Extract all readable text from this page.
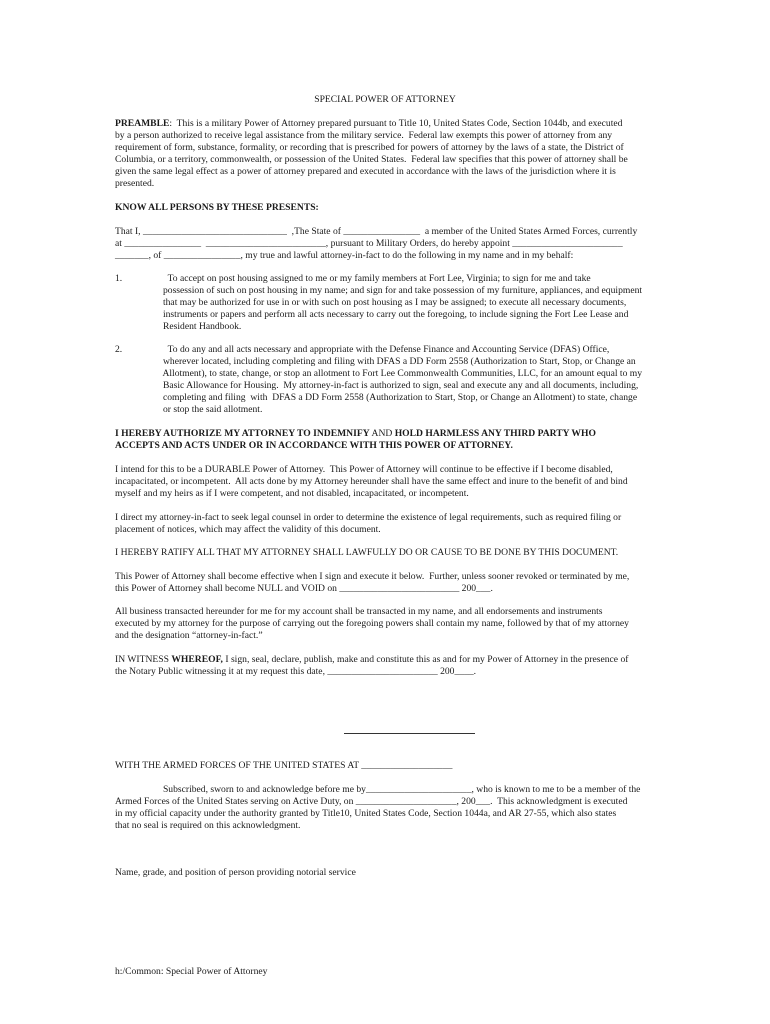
SPECIAL POWER OF ATTORNEY

PREAMBLE:  This is a military Power of Attorney prepared pursuant to Title 10, United States Code, Section 1044b, and executed

by a person authorized to receive legal assistance from the military service.  Federal law exempts this power of attorney from any

requirement of form, substance, formality, or recording that is prescribed for powers of attorney by the laws of a state, the District of

Columbia, or a territory, commonwealth, or possession of the United States.  Federal law specifies that this power of attorney shall be

given the same legal effect as a power of attorney prepared and executed in accordance with the laws of the jurisdiction where it is

presented.

KNOW ALL PERSONS BY THESE PRESENTS:

That I, ______________________________  ,The State of ________________  a member of the United States Armed Forces, currently

at ________________  _________________________, pursuant to Military Orders, do hereby appoint _______________________

_______, of ________________, my true and lawful attorney-in-fact to do the following in my name and in my behalf:

1.                   To accept on post housing assigned to me or my family members at Fort Lee, Virginia; to sign for me and take

possession of such on post housing in my name; and sign for and take possession of my furniture, appliances, and equipment

that may be authorized for use in or with such on post housing as I may be assigned; to execute all necessary documents,

instruments or papers and perform all acts necessary to carry out the foregoing, to include signing the Fort Lee Lease and

Resident Handbook.

2.                   To do any and all acts necessary and appropriate with the Defense Finance and Accounting Service (DFAS) Office,

wherever located, including completing and filing with DFAS a DD Form 2558 (Authorization to Start, Stop, or Change an

Allotment), to state, change, or stop an allotment to Fort Lee Commonwealth Communities, LLC, for an amount equal to my

Basic Allowance for Housing.  My attorney-in-fact is authorized to sign, seal and execute any and all documents, including,

completing and filing  with  DFAS a DD Form 2558 (Authorization to Start, Stop, or Change an Allotment) to state, change

or stop the said allotment.

I HEREBY AUTHORIZE MY ATTORNEY TO INDEMNIFY AND HOLD HARMLESS ANY THIRD PARTY WHO

ACCEPTS AND ACTS UNDER OR IN ACCORDANCE WITH THIS POWER OF ATTORNEY.

I intend for this to be a DURABLE Power of Attorney.  This Power of Attorney will continue to be effective if I become disabled,

incapacitated, or incompetent.  All acts done by my Attorney hereunder shall have the same effect and inure to the benefit of and bind

myself and my heirs as if I were competent, and not disabled, incapacitated, or incompetent.

I direct my attorney-in-fact to seek legal counsel in order to determine the existence of legal requirements, such as required filing or

placement of notices, which may affect the validity of this document.

I HEREBY RATIFY ALL THAT MY ATTORNEY SHALL LAWFULLY DO OR CAUSE TO BE DONE BY THIS DOCUMENT.

This Power of Attorney shall become effective when I sign and execute it below.  Further, unless sooner revoked or terminated by me,

this Power of Attorney shall become NULL and VOID on _________________________ 200___.

All business transacted hereunder for me for my account shall be transacted in my name, and all endorsements and instruments

executed by my attorney for the purpose of carrying out the foregoing powers shall contain my name, followed by that of my attorney

and the designation “attorney-in-fact.”

IN WITNESS WHEREOF, I sign, seal, declare, publish, make and constitute this as and for my Power of Attorney in the presence of

the Notary Public witnessing it at my request this date, _______________________ 200____.

WITH THE ARMED FORCES OF THE UNITED STATES AT ___________________

Subscribed, sworn to and acknowledge before me by______________________, who is known to me to be a member of the

Armed Forces of the United States serving on Active Duty, on _____________________, 200___.  This acknowledgment is executed

in my official capacity under the authority granted by Title10, United States Code, Section 1044a, and AR 27-55, which also states

that no seal is required on this acknowledgment.

Name, grade, and position of person providing notorial service

h:/Common: Special Power of Attorney
